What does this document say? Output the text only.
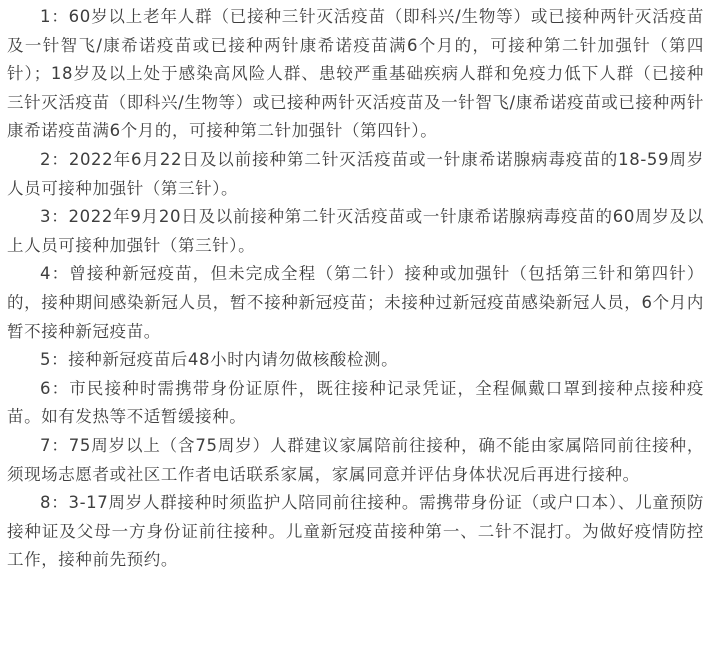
1：60岁以上老年人群（已接种三针灭活疫苗（即科兴/生物等）或已接种两针灭活疫苗及一针智飞/康希诺疫苗或已接种两针康希诺疫苗满6个月的，可接种第二针加强针（第四针）；18岁及以上处于感染高风险人群、患较严重基础疾病人群和免疫力低下人群（已接种三针灭活疫苗（即科兴/生物等）或已接种两针灭活疫苗及一针智飞/康希诺疫苗或已接种两针康希诺疫苗满6个月的，可接种第二针加强针（第四针）。

2：2022年6月22日及以前接种第二针灭活疫苗或一针康希诺腺病毒疫苗的18-59周岁人员可接种加强针（第三针）。

3：2022年9月20日及以前接种第二针灭活疫苗或一针康希诺腺病毒疫苗的60周岁及以上人员可接种加强针（第三针）。

4：曾接种新冠疫苗，但未完成全程（第二针）接种或加强针（包括第三针和第四针）的，接种期间感染新冠人员，暂不接种新冠疫苗；未接种过新冠疫苗感染新冠人员，6个月内暂不接种新冠疫苗。

5：接种新冠疫苗后48小时内请勿做核酸检测。

6：市民接种时需携带身份证原件，既往接种记录凭证，全程佩戴口罩到接种点接种疫苗。如有发热等不适暂缓接种。

7：75周岁以上（含75周岁）人群建议家属陪前往接种，确不能由家属陪同前往接种，须现场志愿者或社区工作者电话联系家属，家属同意并评估身体状况后再进行接种。

8：3-17周岁人群接种时须监护人陪同前往接种。需携带身份证（或户口本）、儿童预防接种证及父母一方身份证前往接种。儿童新冠疫苗接种第一、二针不混打。为做好疫情防控工作，接种前先预约。
